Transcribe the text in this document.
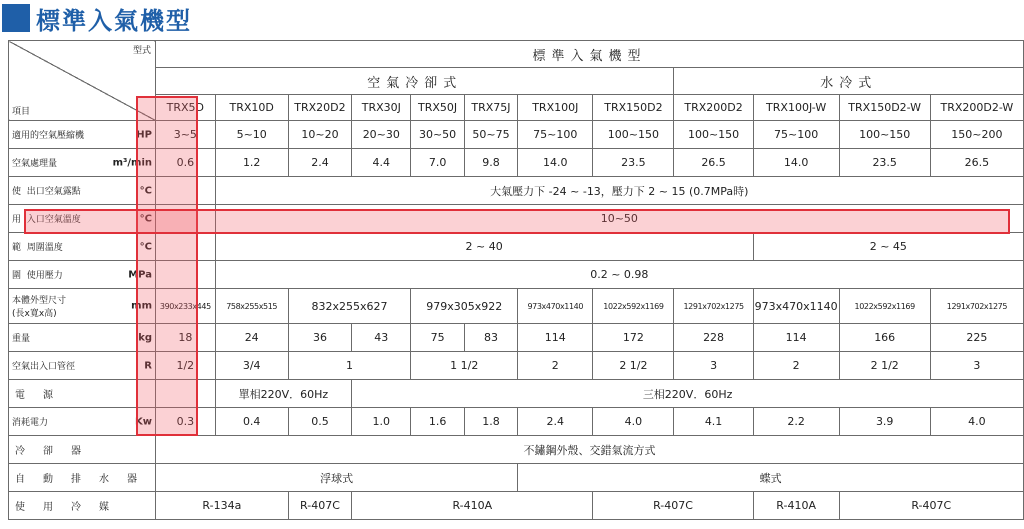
標準入氣機型
型式
項目	標準入氣機型											
	空氣冷卻式								水冷式			
	TRX5D	TRX10D	TRX20D2	TRX30J	TRX50J	TRX75J	TRX100J	TRX150D2	TRX200D2	TRX100J-W	TRX150D2-W	TRX200D2-W
適用的空氣壓縮機 HP	3~5	5~10	10~20	20~30	30~50	50~75	75~100	100~150	100~150	75~100	100~150	150~200
空氣處理量 m³/min	0.6	1.2	2.4	4.4	7.0	9.8	14.0	23.5	26.5	14.0	23.5	26.5
使 出口空氣露點 °C		大氣壓力下 -24 ~ -13，壓力下 2 ~ 15 (0.7MPa時)										
用 入口空氣溫度 °C		10~50										
範 周圍溫度 °C		2 ~ 40								2 ~ 45		
圍 使用壓力 MPa		0.2 ~ 0.98										
本體外型尺寸
(長x寬x高)
mm	390x233x445	758x255x515	832x255x627		979x305x922		973x470x1140	1022x592x1169	1291x702x1275	973x470x1140	1022x592x1169	1291x702x1275
重量 kg	18	24	36	43	75	83	114	172	228	114	166	225
空氣出入口管徑 R	1/2	3/4	1		1 1/2		2	2 1/2	3	2	2 1/2	3
電源		單相220V．60Hz		三相220V．60Hz								
消耗電力 Kw	0.3	0.4	0.5	1.0	1.6	1.8	2.4	4.0	4.1	2.2	3.9	4.0
冷卻器	不鏽鋼外殼、交錯氣流方式											
自動排水器	浮球式						蝶式					
使用冷媒	R-134a		R-407C	R-410A				R-407C		R-410A	R-407C	
